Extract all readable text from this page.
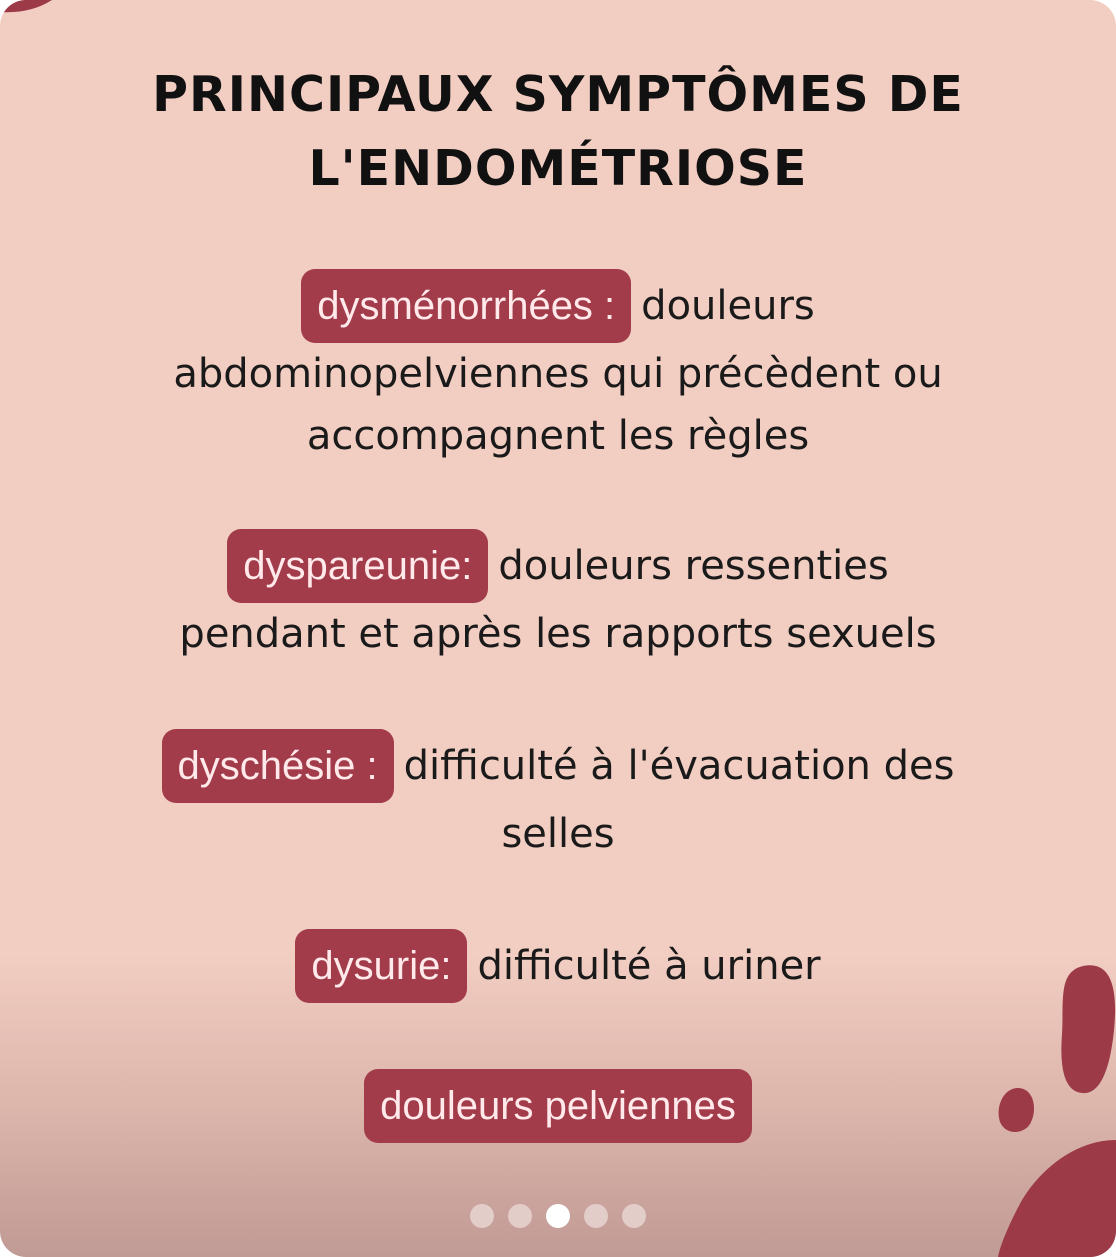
PRINCIPAUX SYMPTÔMES DE
L'ENDOMÉTRIOSE
dysménorrhées : douleurs
abdominopelviennes qui précèdent ou
accompagnent les règles
dyspareunie: douleurs ressenties
pendant et après les rapports sexuels
dyschésie : difficulté à l'évacuation des
selles
dysurie: difficulté à uriner
douleurs pelviennes
